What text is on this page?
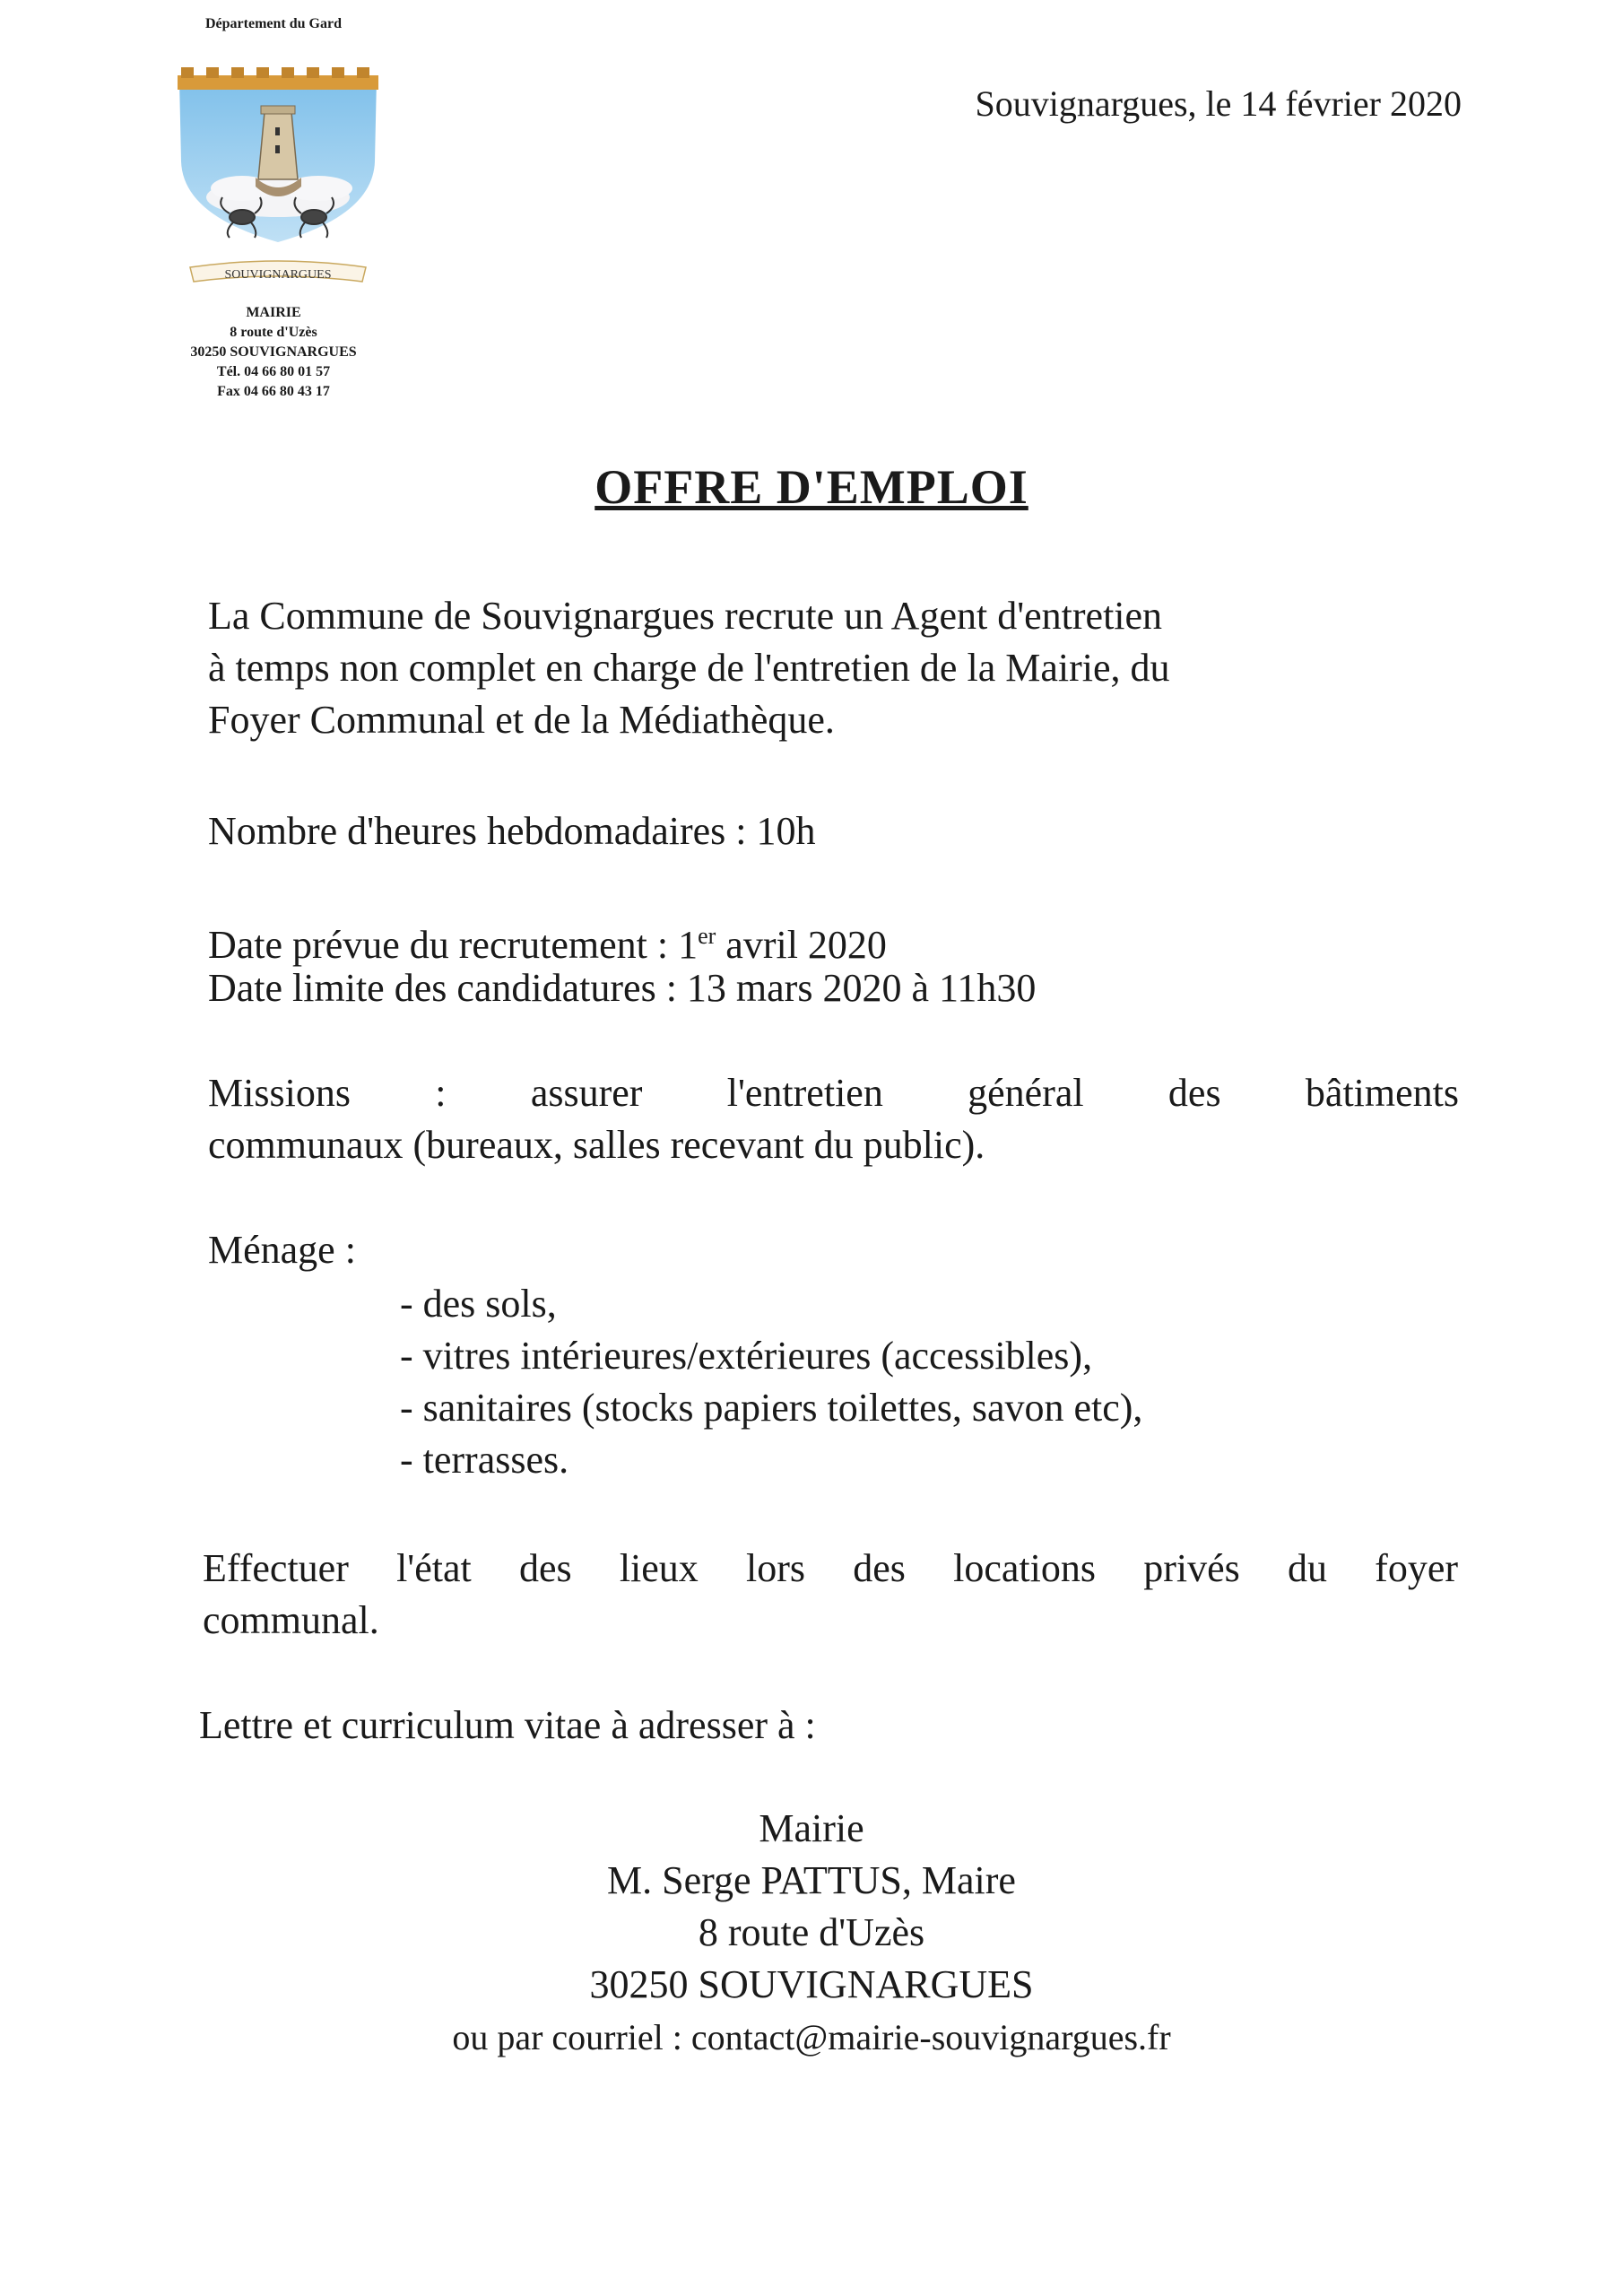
Département du Gard
SOUVIGNARGUES
MAIRIE
8 route d'Uzès
30250 SOUVIGNARGUES
Tél. 04 66 80 01 57
Fax 04 66 80 43 17
Souvignargues, le 14 février 2020
OFFRE D'EMPLOI
La Commune de Souvignargues recrute un Agent d'entretien
à temps non complet en charge de l'entretien de la Mairie, du
Foyer Communal et de la Médiathèque.
Nombre d'heures hebdomadaires : 10h
Date prévue du recrutement : 1er avril 2020
Date limite des candidatures : 13 mars 2020 à 11h30
Missions : assurer l'entretien général des bâtiments
communaux (bureaux, salles recevant du public).
Ménage :
- des sols,
- vitres intérieures/extérieures (accessibles),
- sanitaires (stocks papiers toilettes, savon etc),
- terrasses.
Effectuer l'état des lieux lors des locations privés du foyer
communal.
Lettre et curriculum vitae à adresser à :
Mairie
M. Serge PATTUS, Maire
8 route d'Uzès
30250 SOUVIGNARGUES
ou par courriel : contact@mairie-souvignargues.fr
